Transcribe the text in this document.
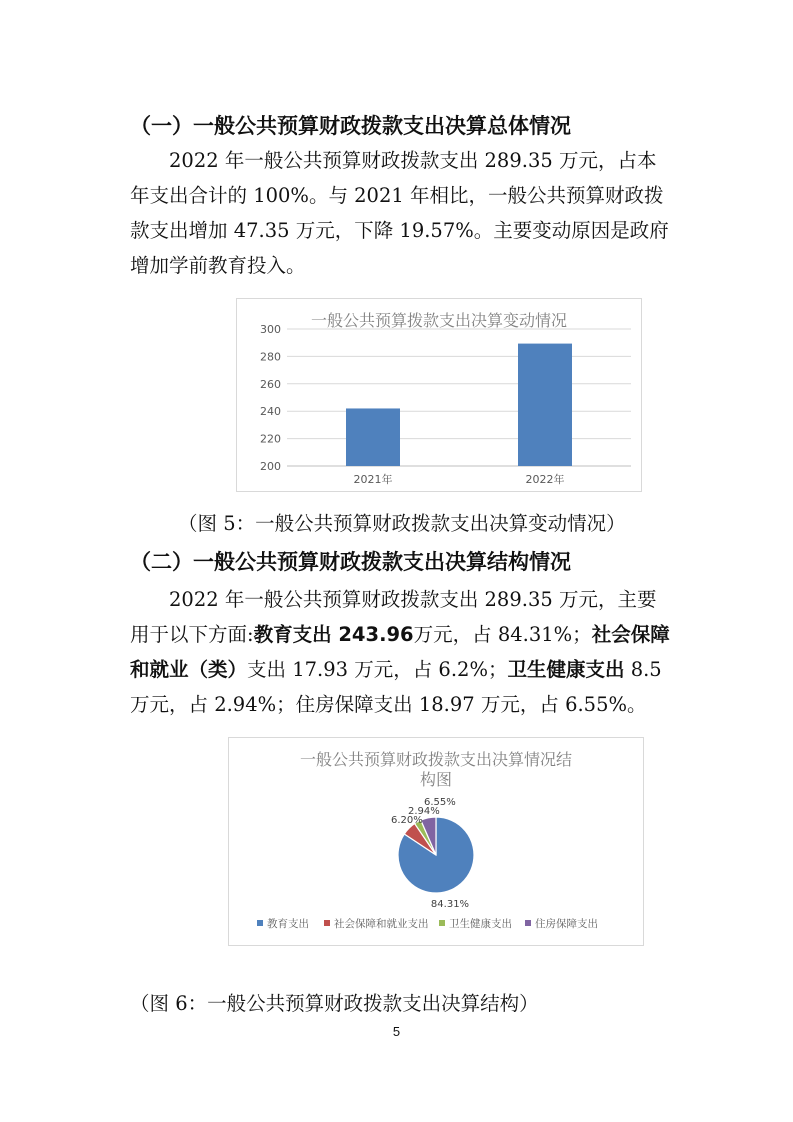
（一）一般公共预算财政拨款支出决算总体情况
　　2022 年一般公共预算财政拨款支出 289.35 万元，占本
年支出合计的 100%。与 2021 年相比，一般公共预算财政拨
款支出增加 47.35 万元，下降 19.57%。主要变动原因是政府
增加学前教育投入。
一般公共预算拨款支出决算变动情况
200
220
240
260
280
300
2021年	2022年
（图 5：一般公共预算财政拨款支出决算变动情况）
（二）一般公共预算财政拨款支出决算结构情况
　　2022 年一般公共预算财政拨款支出 289.35 万元，主要
用于以下方面:教育支出 243.96万元，占 84.31%；社会保障
和就业（类）支出 17.93 万元，占 6.2%；卫生健康支出 8.5
万元，占 2.94%；住房保障支出 18.97 万元，占 6.55%。
一般公共预算财政拨款支出决算情况结
构图
84.31%
6.20%
2.94%
6.55%
教育支出 社会保障和就业支出 卫生健康支出 住房保障支出
（图 6：一般公共预算财政拨款支出决算结构）
5
